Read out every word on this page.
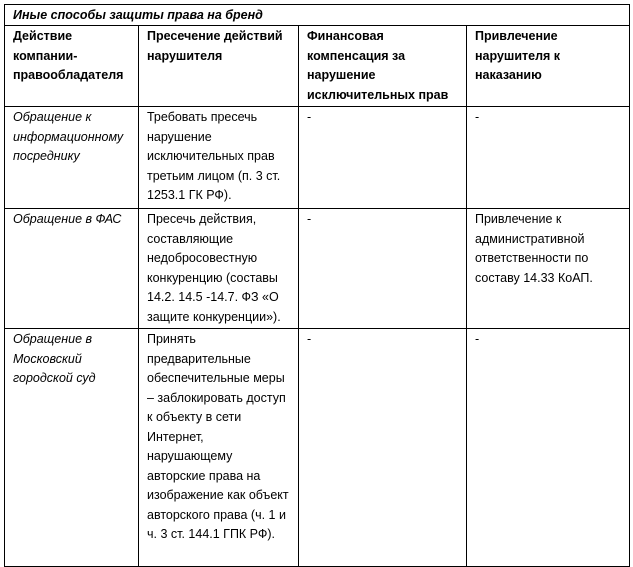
Иные способы защиты права на бренд			
Действие компании-правообладателя	Пресечение действий нарушителя	Финансовая компенсация за нарушение исключительных прав	Привлечение нарушителя к наказанию
Обращение к информационному посреднику	Требовать пресечь нарушение исключительных прав третьим лицом (п. 3 ст. 1253.1 ГК РФ).	-	-
Обращение в ФАС	Пресечь действия, составляющие недобросовестную конкуренцию (составы 14.2. 14.5 -14.7. ФЗ «О защите конкуренции»).	-	Привлечение к административной ответственности по составу 14.33 КоАП.
Обращение в Московский городской суд	Принять предварительные обеспечительные меры – заблокировать доступ к объекту в сети Интернет, нарушающему авторские права на изображение как объект авторского права (ч. 1 и ч. 3 ст. 144.1 ГПК РФ).	-	-
